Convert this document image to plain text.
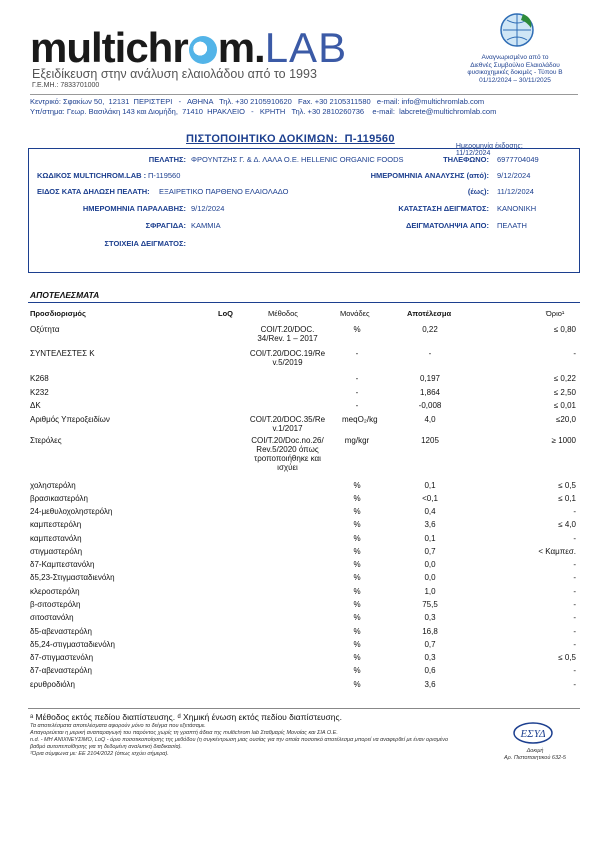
multichr m.LAB
Εξειδίκευση στην ανάλυση ελαιολάδου από το 1993
Γ.Ε.ΜΗ.: 7833701000
Αναγνωρισμένο από το
Διεθνές Συμβούλιο Ελαιολάδου
φυσικοχημικές δοκιμές - Τύπου Β
01/12/2024 – 30/11/2025
Κεντρικό: Σφακίων 50,  12131  ΠΕΡΙΣΤΕΡΙ   -   ΑΘΗΝΑ   Τηλ. +30 2105910620   Fax. +30 2105311580   e-mail: info@multichromlab.com
Υπ/στημα: Γεωρ. Βασιλάκη 143 και Διομήδη,  71410  ΗΡΑΚΛΕΙΟ   -   ΚΡΗΤΗ   Τηλ. +30 2810260736    e-mail:  labcrete@multichromlab.com
ΠΙΣΤΟΠΟΙΗΤΙΚΟ ΔΟΚΙΜΩΝ:  Π-119560

Ημερομηνία έκδοσης:
11/12/2024

ΠΕΛΑΤΗΣ: ΦΡΟΥΝΤΖΗΣ Γ. & Δ. ΛΑΛΑ Ο.Ε. HELLENIC ORGANIC FOODS	ΤΗΛΕΦΩΝΟ: 6977704049
ΚΩΔΙΚΟΣ MULTICHROM.LAB : Π-119560	ΗΜΕΡΟΜΗΝΙΑ ΑΝΑΛΥΣΗΣ (από): 9/12/2024
ΕΙΔΟΣ ΚΑΤΑ ΔΗΛΩΣΗ ΠΕΛΑΤΗ: ΕΞΑΙΡΕΤΙΚΟ ΠΑΡΘΕΝΟ ΕΛΑΙΟΛΑΔΟ	(έως): 11/12/2024
ΗΜΕΡΟΜΗΝΙΑ ΠΑΡΑΛΑΒΗΣ: 9/12/2024	ΚΑΤΑΣΤΑΣΗ ΔΕΙΓΜΑΤΟΣ: ΚΑΝΟΝΙΚΗ
ΣΦΡΑΓΙΔΑ: ΚΑΜΜΙΑ	ΔΕΙΓΜΑΤΟΛΗΨΙΑ ΑΠΟ: ΠΕΛΑΤΗ
ΣΤΟΙΧΕΙΑ ΔΕΙΓΜΑΤΟΣ:
ΑΠΟΤΕΛΕΣΜΑΤΑ
Προσδιορισμός	LoQ	Μέθοδος	Μονάδες	Αποτέλεσμα	Όριο¹
Οξύτητα	COI/T.20/DOC.
34/Rev. 1 – 2017
%	0,22	≤ 0,80
ΣΥΝΤΕΛΕΣΤΕΣ Κ	COI/T.20/DOC.19/Re
v.5/2019
-	-	-
K268	-	0,197	≤ 0,22
K232	-	1,864	≤ 2,50
ΔΚ	-	-0,008	≤ 0,01
Αριθμός Υπεροξειδίων	COI/T.20/DOC.35/Re
v.1/2017
meqO₂/kg	4,0	≤20,0
Στερόλες	COI/T.20/Doc.no.26/
Rev.5/2020 όπως
τροποποιήθηκε και
ισχύει
mg/kgr	1205	≥ 1000
χοληστερόλη	%	0,1	≤ 0,5
βρασικαστερόλη	%	<0,1	≤ 0,1
24-μεθυλοχοληστερόλη	%	0,4	-
καμπεστερόλη	%	3,6	≤ 4,0
καμπεστανόλη	%	0,1	-
στιγμαστερόλη	%	0,7	< Καμπεσ.
δ7-Καμπεστανόλη	%	0,0	-
δ5,23-Στιγμασταδιενόλη	%	0,0	-
κλεροστερόλη	%	1,0	-
β-σιτοστερόλη	%	75,5	-
σιτοστανόλη	%	0,3	-
δ5-αβεναστερόλη	%	16,8	-
δ5,24-στιγμασταδιενόλη	%	0,7	-
δ7-στιγμαστενόλη	%	0,3	≤ 0,5
δ7-αβεναστερόλη	%	0,6	-
ερυθροδιόλη	%	3,6	-
ᵃ Μέθοδος εκτός πεδίου διαπίστευσης. ᵈ Χημική ένωση εκτός πεδίου διαπίστευσης.
Τα αποτελέσματα αποτελέσματα αφορούν μόνο το δείγμα που εξετάσαμε.
Απαγορεύεται η μερική αναπαραγωγή του παρόντος χωρίς τη γραπτή άδεια της multichrom lab Σταθμαρίς Μονοίας και ΣΙΑ Ο.Ε.
n.d. - ΜΗ ΑΝΙΧΝΕΥΣΙΜΟ, LoQ - όριο ποσοτικοποίησης της μεθόδου (η συγκέντρωση μιας ουσίας για την οποία ποσοτικό αποτέλεσμα μπορεί να αναφερθεί με έναν ορισμένο
βαθμό αυτοπεποίθησης για τη δεδομένη αναλυτική διαδικασία).
¹Όρια σύμφωνα με: ΕΕ 2104/2022 (όπως ισχύει σήμερα).
ΕΣΥΔ
Δοκιμή
Αρ. Πιστοποιητικού 632-5
